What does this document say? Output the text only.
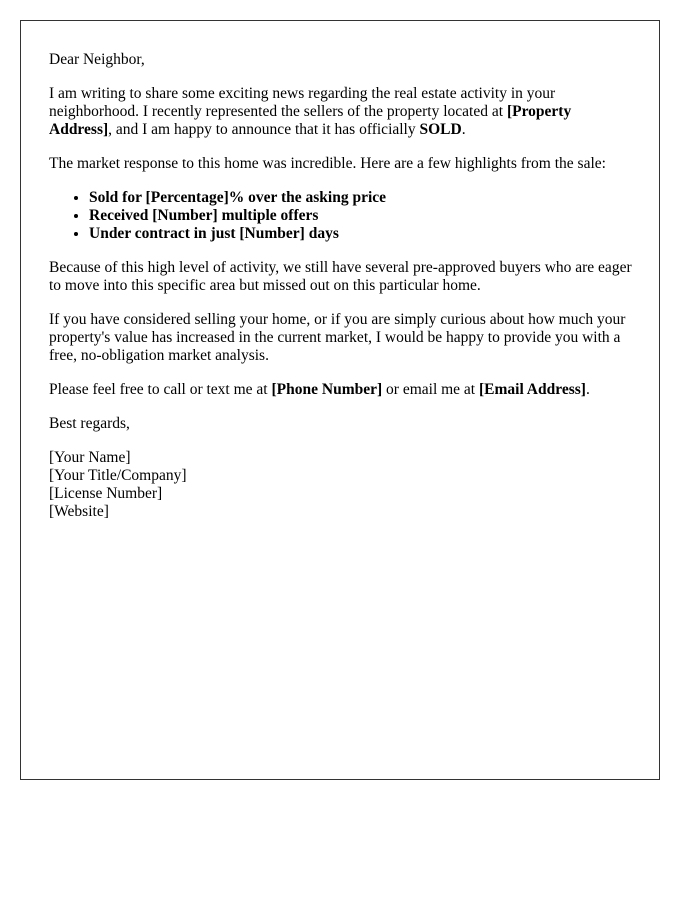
Dear Neighbor,

I am writing to share some exciting news regarding the real estate activity in your neighborhood. I recently represented the sellers of the property located at [Property Address], and I am happy to announce that it has officially SOLD.

The market response to this home was incredible. Here are a few highlights from the sale:

• Sold for [Percentage]% over the asking price
• Received [Number] multiple offers
• Under contract in just [Number] days

Because of this high level of activity, we still have several pre-approved buyers who are eager to move into this specific area but missed out on this particular home.

If you have considered selling your home, or if you are simply curious about how much your property's value has increased in the current market, I would be happy to provide you with a free, no-obligation market analysis.

Please feel free to call or text me at [Phone Number] or email me at [Email Address].

Best regards,

[Your Name]
[Your Title/Company]
[License Number]
[Website]
